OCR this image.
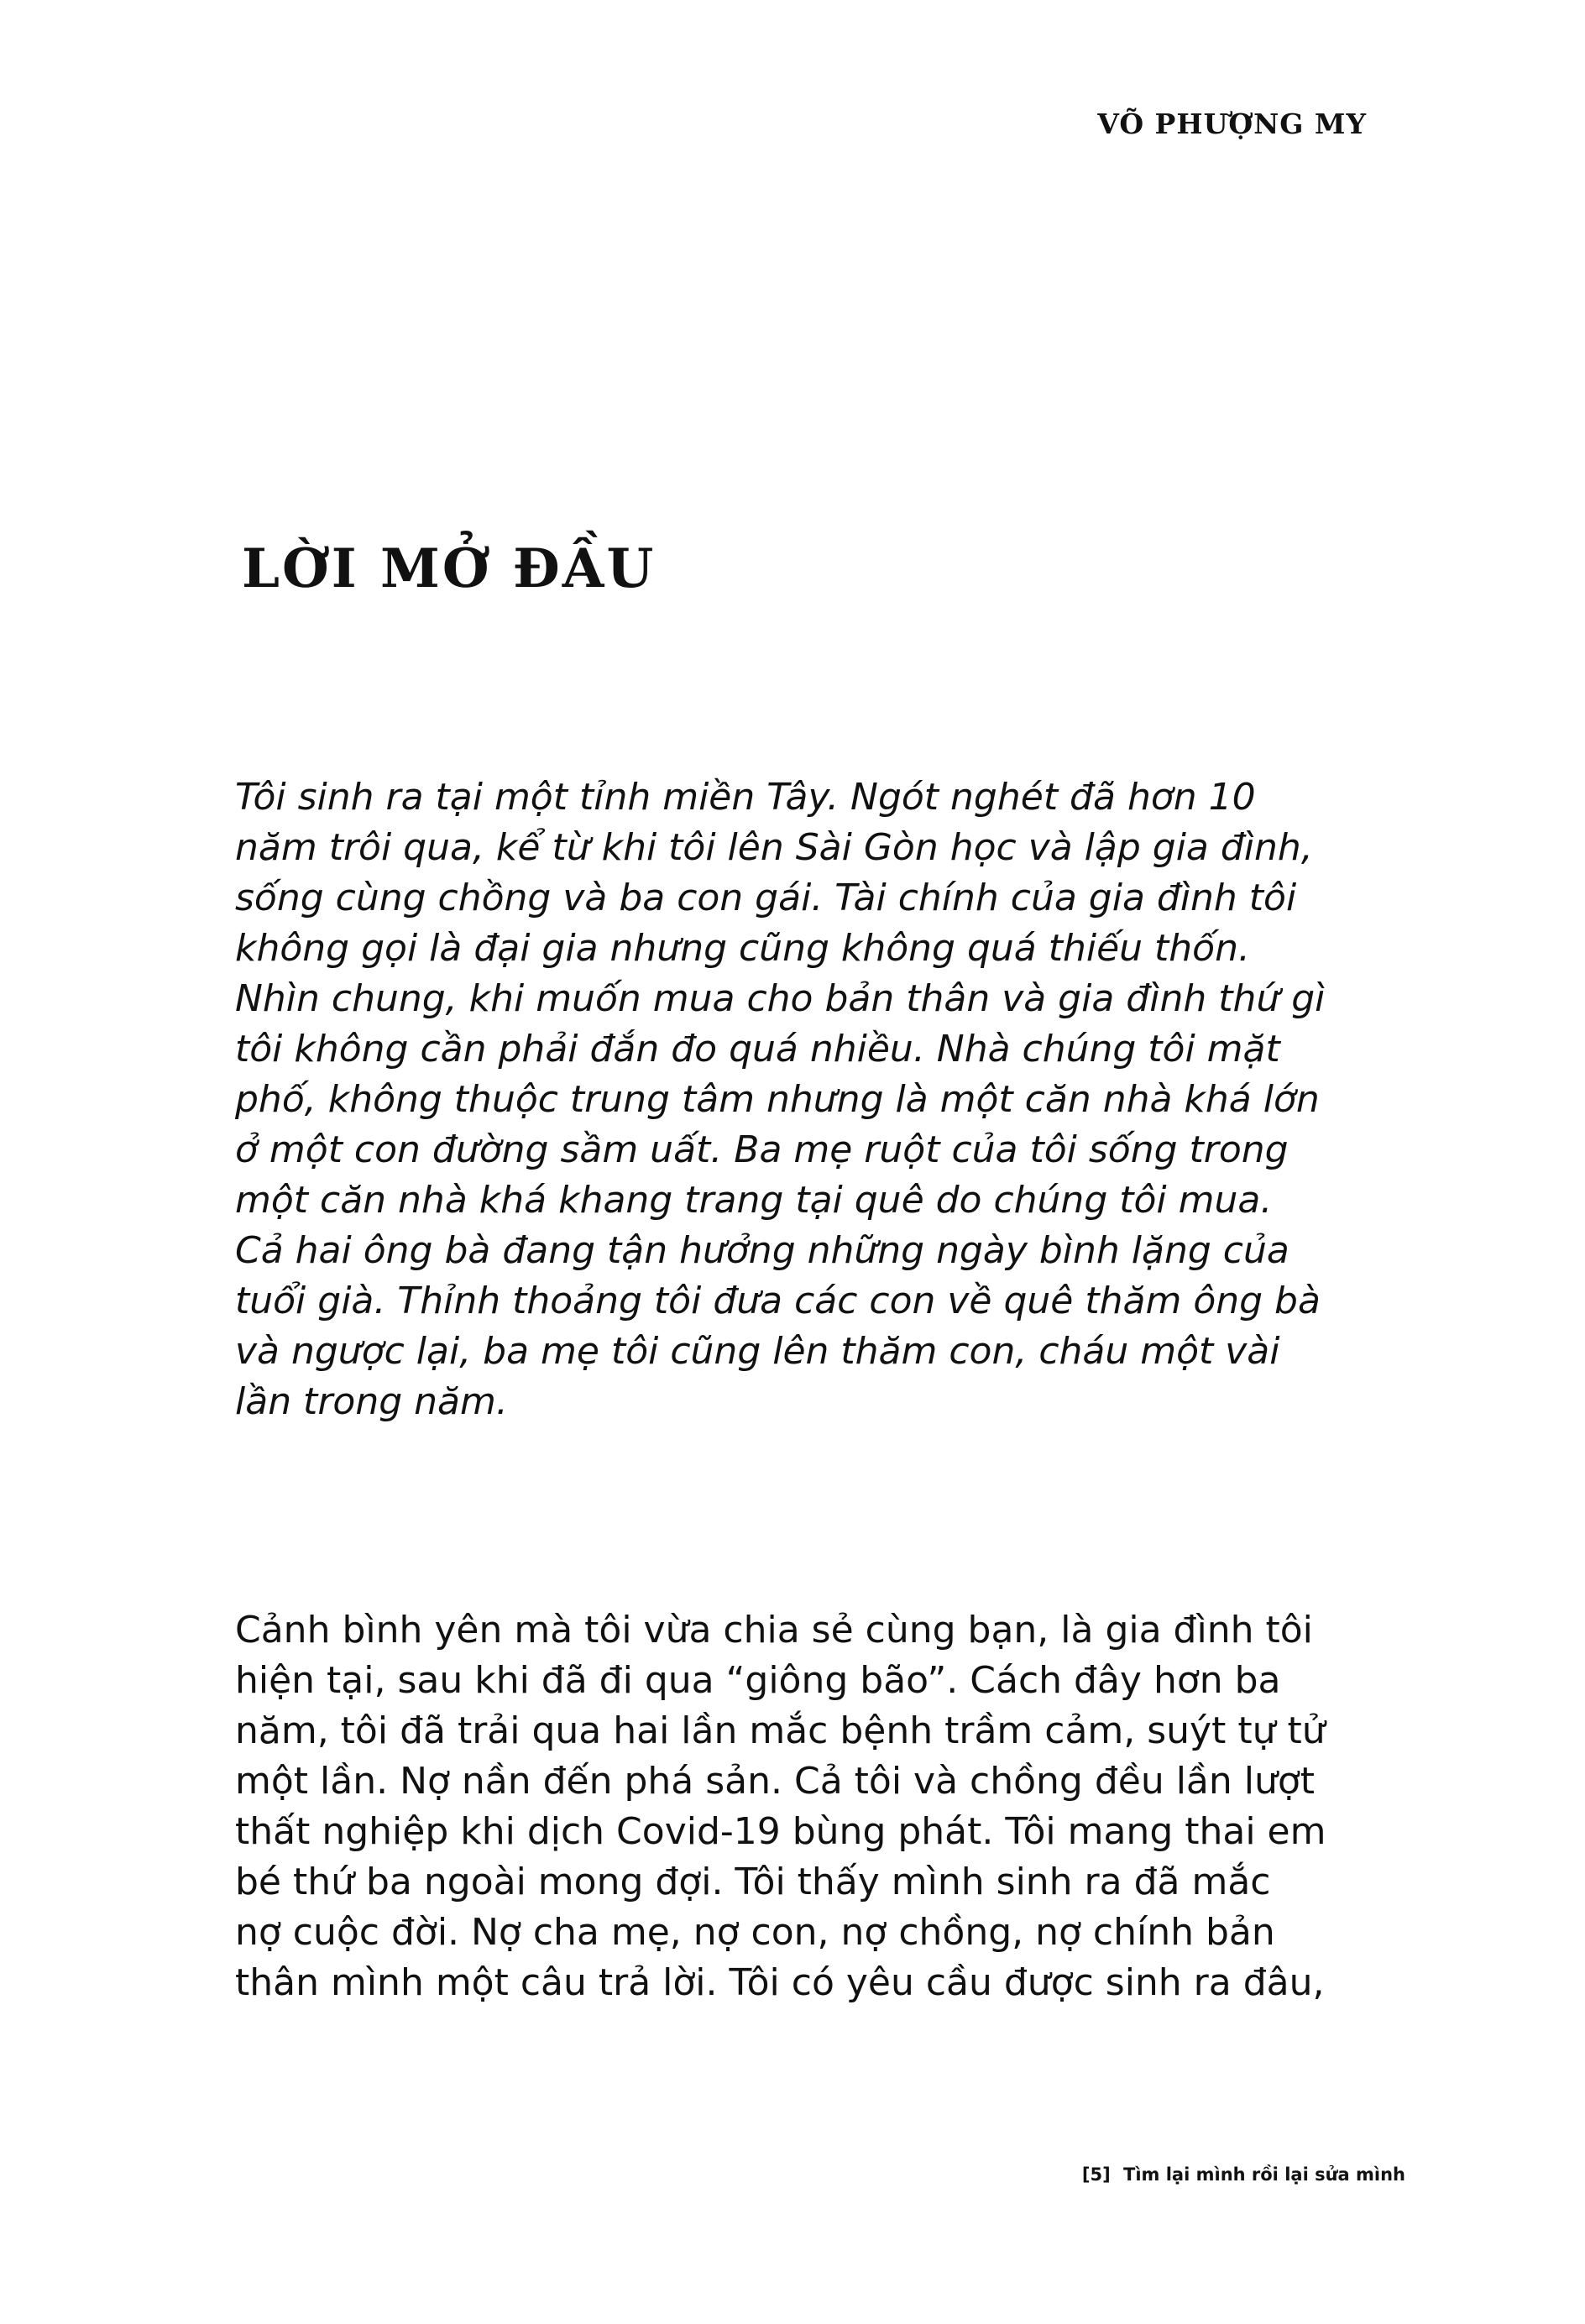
VÕ PHƯỢNG MY
LỜI MỞ ĐẦU
Tôi sinh ra tại một tỉnh miền Tây. Ngót nghét đã hơn 10
năm trôi qua, kể từ khi tôi lên Sài Gòn học và lập gia đình,
sống cùng chồng và ba con gái. Tài chính của gia đình tôi
không gọi là đại gia nhưng cũng không quá thiếu thốn.
Nhìn chung, khi muốn mua cho bản thân và gia đình thứ gì
tôi không cần phải đắn đo quá nhiều. Nhà chúng tôi mặt
phố, không thuộc trung tâm nhưng là một căn nhà khá lớn
ở một con đường sầm uất. Ba mẹ ruột của tôi sống trong
một căn nhà khá khang trang tại quê do chúng tôi mua.
Cả hai ông bà đang tận hưởng những ngày bình lặng của
tuổi già. Thỉnh thoảng tôi đưa các con về quê thăm ông bà
và ngược lại, ba mẹ tôi cũng lên thăm con, cháu một vài
lần trong năm.
Cảnh bình yên mà tôi vừa chia sẻ cùng bạn, là gia đình tôi
hiện tại, sau khi đã đi qua “giông bão”. Cách đây hơn ba
năm, tôi đã trải qua hai lần mắc bệnh trầm cảm, suýt tự tử
một lần. Nợ nần đến phá sản. Cả tôi và chồng đều lần lượt
thất nghiệp khi dịch Covid-19 bùng phát. Tôi mang thai em
bé thứ ba ngoài mong đợi. Tôi thấy mình sinh ra đã mắc
nợ cuộc đời. Nợ cha mẹ, nợ con, nợ chồng, nợ chính bản
thân mình một câu trả lời. Tôi có yêu cầu được sinh ra đâu,
[5] Tìm lại mình rồi lại sửa mình
